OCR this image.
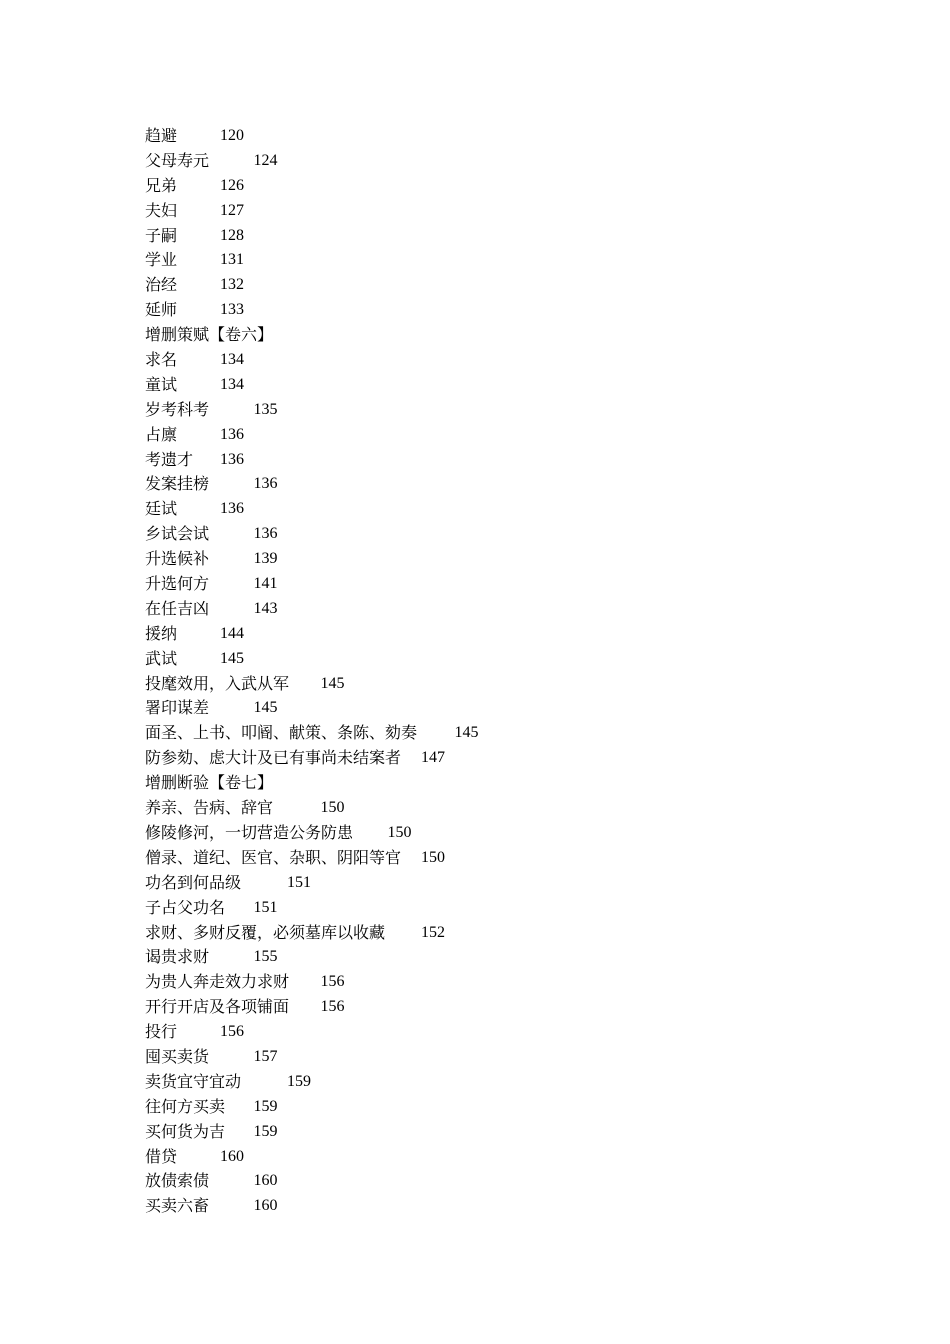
趋避	120
父母寿元	124
兄弟	126
夫妇	127
子嗣	128
学业	131
治经	132
延师	133
增删策赋【卷六】
求名	134
童试	134
岁考科考	135
占廪	136
考遗才 136
发案挂榜	136
廷试	136
乡试会试	136
升选候补	139
升选何方	141
在任吉凶	143
援纳	144
武试	145
投麾效用，入武从军 145
署印谋差	145
面圣、上书、叩阍、献策、条陈、劾奏 145
防参劾、虑大计及已有事尚未结案者 147
增删断验【卷七】
养亲、告病、辞官	150
修陵修河，一切营造公务防患 150
僧录、道纪、医官、杂职、阴阳等官 150
功名到何品级	151
子占父功名 151
求财、多财反覆，必须墓库以收藏 152
谒贵求财	155
为贵人奔走效力求财 156
开行开店及各项铺面 156
投行	156
囤买卖货	157
卖货宜守宜动	159
往何方买卖 159
买何货为吉 159
借贷	160
放债索债	160
买卖六畜	160
